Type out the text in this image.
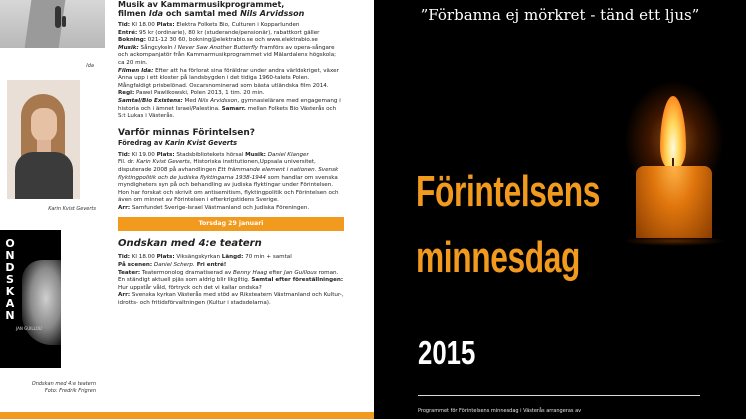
Ida
Karin Kvist Geverts
ONDSKAN
JAN GUILLOU
Ondskan med 4:e teatern
Foto: Fredrik Frigren
Musik av Kammarmusikprogrammet,
filmen Ida och samtal med Nils Arvidsson

Tid: Kl 18.00 Plats: Elektra Folkets Bio, Culturen i Kopparlunden
Entré: 95 kr (ordinarie), 80 kr (studerande/pensionär), rabattkort gäller
Bokning: 021-12 30 60, bokning@elektrabio.se och www.elektrabio.se
Musik: Sångcykeln I Never Saw Another Butterfly framförs av opera-sångare och ackompanjatör från Kammarmusikprogrammet vid Mälardalens högskola; ca 20 min.
Filmen Ida: Efter att ha förlorat sina föräldrar under andra världskriget, växer Anna upp i ett kloster på landsbygden i det tidiga 1960-talets Polen. Mångfaldigt prisbelönad. Oscarsnominerad som bästa utländska film 2014. Regi: Pawel Pawlikowski, Polen 2013, 1 tim. 20 min.
Samtal/Bio Existens: Med Nils Arvidsson, gymnasielärare med engagemang i historia och i ämnet Israel/Palestina. Samarr. mellan Folkets Bio Västerås och S:t Lukas i Västerås.

Varför minnas Förintelsen?
Föredrag av Karin Kvist Geverts

Tid: Kl 19.00 Plats: Stadsbibliotekets hörsal Musik: Daniel Klanger
Fil. dr. Karin Kvist Geverts, Historiska institutionen,Uppsala universitet, disputerade 2008 på avhandlingen Ett främmande element i nationen. Svensk flyktingpolitik och de judiska flyktingarna 1938-1944 som handlar om svenska myndigheters syn på och behandling av judiska flyktingar under Förintelsen. Hon har forskat och skrivit om antisemitism, flyktingpolitik och Förintelsen och även om minnet av Förintelsen i efterkrigstidens Sverige.
Arr: Samfundet Sverige-Israel Västmanland och Judiska Föreningen.

Torsdag 29 januari
Ondskan med 4:e teatern

Tid: Kl 18.00 Plats: Viksängskyrkan Längd: 70 min + samtal
På scenen: Daniel Scherp. Fri entré!
Teater: Teatermonolog dramatiserad av Benny Haag efter Jan Guillous roman. En ständigt aktuell pjäs som aldrig blir likgiltig. Samtal efter föreställningen: Hur uppstår våld, förtryck och det vi kallar ondska?
Arr: Svenska kyrkan Västerås med stöd av Riksteatern Västmanland och Kultur-, idrotts- och fritidsförvaltningen (Kultur i stadsdelarna).

”Förbanna ej mörkret - tänd ett ljus”
Förintelsens
minnesdag
2015
Programmet för Förintelsens minnesdag i Västerås arrangeras av
